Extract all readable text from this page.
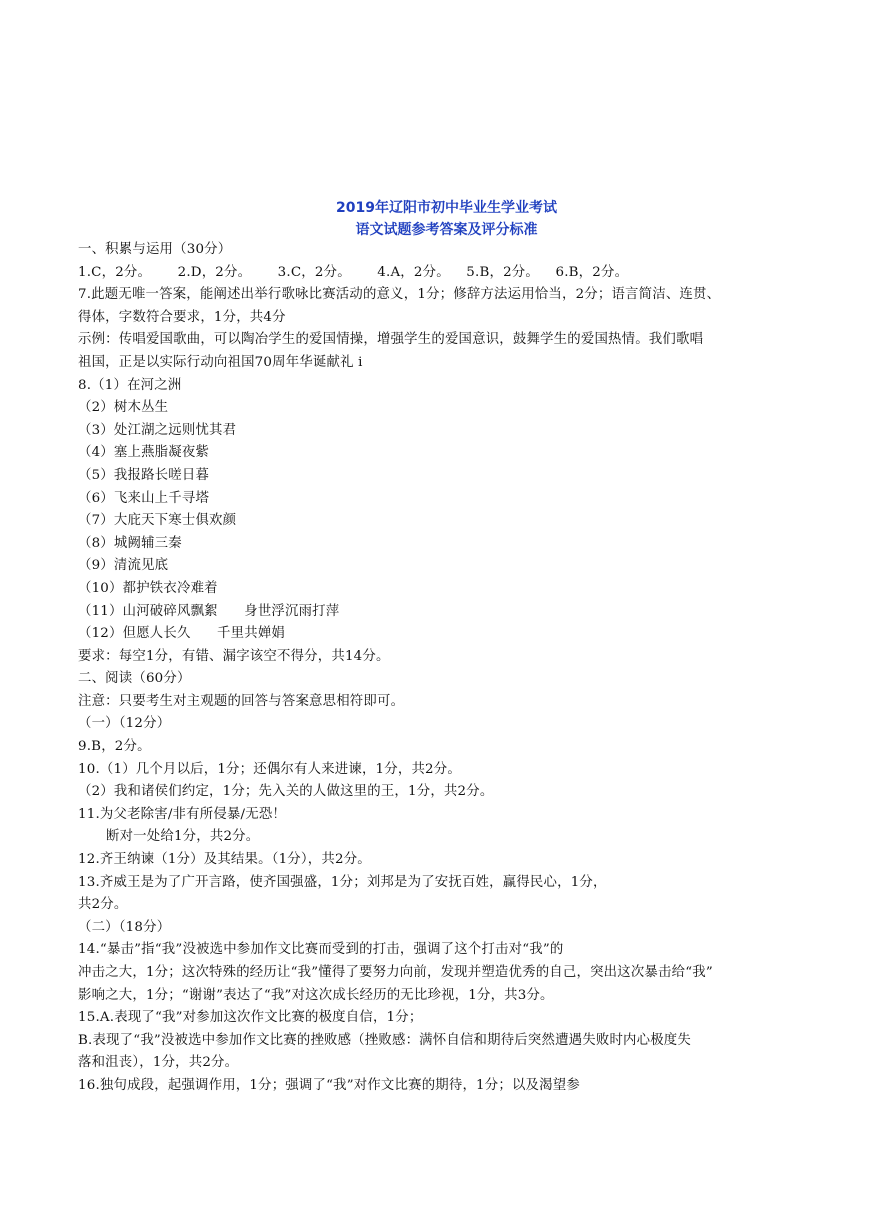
2019年辽阳市初中毕业生学业考试
语文试题参考答案及评分标准
一、积累与运用（30分）
1.C，2分。 2.D，2分。 3.C，2分。 4.A，2分。 5.B，2分。 6.B，2分。
7.此题无唯一答案，能阐述出举行歌咏比赛活动的意义，1分；修辞方法运用恰当，2分；语言简洁、连贯、
得体，字数符合要求，1分，共4分
示例：传唱爱国歌曲，可以陶冶学生的爱国情操，增强学生的爱国意识，鼓舞学生的爱国热情。我们歌唱
祖国，正是以实际行动向祖国70周年华诞献礼 i
8.（1）在河之洲
（2）树木丛生
（3）处江湖之远则忧其君
（4）塞上燕脂凝夜紫
（5）我报路长嗟日暮
（6）飞来山上千寻塔
（7）大庇天下寒士俱欢颜
（8）城阙辅三秦
（9）清流见底
（10）都护铁衣冷难着
（11）山河破碎风飘絮 身世浮沉雨打萍
（12）但愿人长久 千里共婵娟
要求：每空1分，有错、漏字该空不得分，共14分。
二、阅读（60分）
注意：只要考生对主观题的回答与答案意思相符即可。
（一）（12分）
9.B，2分。
10.（1）几个月以后，1分；还偶尔有人来进谏，1分，共2分。
（2）我和诸侯们约定，1分；先入关的人做这里的王，1分，共2分。
11.为父老除害/非有所侵暴/无恐！
断对一处给1分，共2分。
12.齐王纳谏（1分）及其结果。（1分），共2分。
13.齐威王是为了广开言路，使齐国强盛，1分；刘邦是为了安抚百姓，赢得民心，1分，
共2分。
（二）（18分）
14.“暴击”指“我”没被选中参加作文比赛而受到的打击，强调了这个打击对“我”的
冲击之大，1分；这次特殊的经历让“我”懂得了要努力向前，发现并塑造优秀的自己，突出这次暴击给“我”
影响之大，1分；“谢谢”表达了“我”对这次成长经历的无比珍视，1分，共3分。
15.A.表现了“我”对参加这次作文比赛的极度自信，1分；
B.表现了“我”没被选中参加作文比赛的挫败感（挫败感：满怀自信和期待后突然遭遇失败时内心极度失
落和沮丧），1分，共2分。
16.独句成段，起强调作用，1分；强调了“我”对作文比赛的期待，1分；以及渴望参
